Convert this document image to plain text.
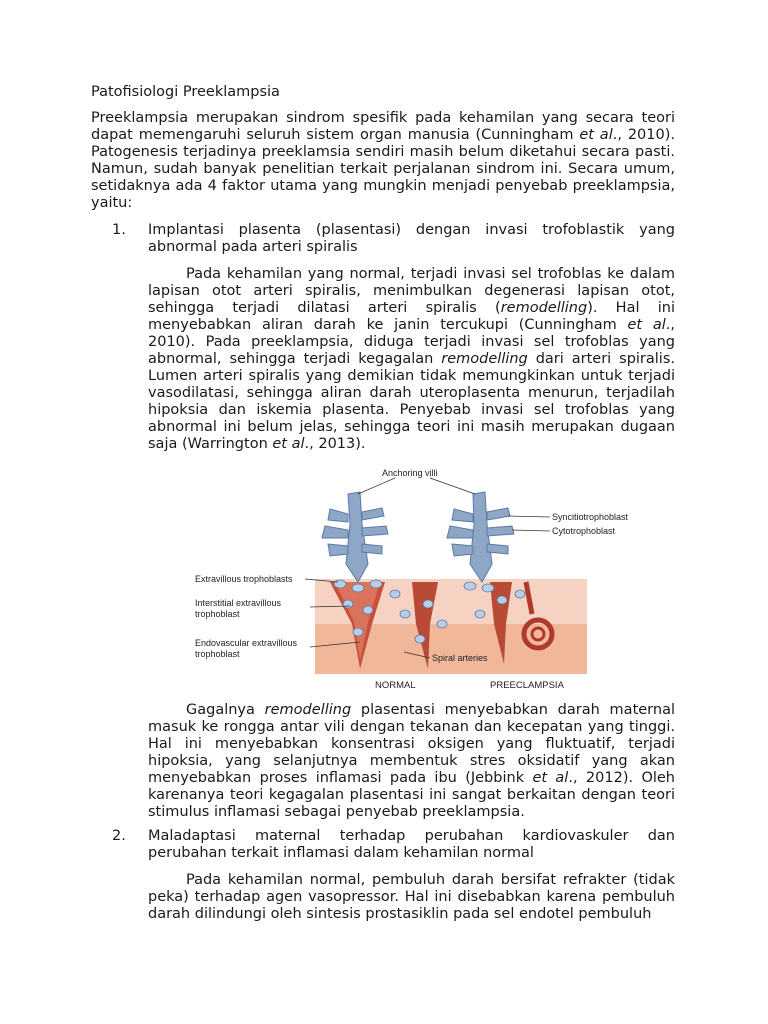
Patofisiologi Preeklampsia

Preeklampsia merupakan sindrom spesifik pada kehamilan yang secara teori dapat memengaruhi seluruh sistem organ manusia (Cunningham et al., 2010). Patogenesis terjadinya preeklamsia sendiri masih belum diketahui secara pasti. Namun, sudah banyak penelitian terkait perjalanan sindrom ini. Secara umum, setidaknya ada 4 faktor utama yang mungkin menjadi penyebab preeklampsia, yaitu:

1. Implantasi plasenta (plasentasi) dengan invasi trofoblastik yang abnormal pada arteri spiralis

Pada kehamilan yang normal, terjadi invasi sel trofoblas ke dalam lapisan otot arteri spiralis, menimbulkan degenerasi lapisan otot, sehingga terjadi dilatasi arteri spiralis (remodelling). Hal ini menyebabkan aliran darah ke janin tercukupi (Cunningham et al., 2010). Pada preeklampsia, diduga terjadi invasi sel trofoblas yang abnormal, sehingga terjadi kegagalan remodelling dari arteri spiralis. Lumen arteri spiralis yang demikian tidak memungkinkan untuk terjadi vasodilatasi, sehingga aliran darah uteroplasenta menurun, terjadilah hipoksia dan iskemia plasenta. Penyebab invasi sel trofoblas yang abnormal ini belum jelas, sehingga teori ini masih merupakan dugaan saja (Warrington et al., 2013).

Anchoring villi
Syncitiotrophoblast
Cytotrophoblast
Extravillous trophoblasts
Interstitial extravillous
trophoblast
Endovascular extravillous
trophoblast	Spiral arteries
NORMAL	PREECLAMPSIA

Gagalnya remodelling plasentasi menyebabkan darah maternal masuk ke rongga antar vili dengan tekanan dan kecepatan yang tinggi. Hal ini menyebabkan konsentrasi oksigen yang fluktuatif, terjadi hipoksia, yang selanjutnya membentuk stres oksidatif yang akan menyebabkan proses inflamasi pada ibu (Jebbink et al., 2012). Oleh karenanya teori kegagalan plasentasi ini sangat berkaitan dengan teori stimulus inflamasi sebagai penyebab preeklampsia.

2. Maladaptasi maternal terhadap perubahan kardiovaskuler dan perubahan terkait inflamasi dalam kehamilan normal

Pada kehamilan normal, pembuluh darah bersifat refrakter (tidak peka) terhadap agen vasopressor. Hal ini disebabkan karena pembuluh darah dilindungi oleh sintesis prostasiklin pada sel endotel pembuluh
